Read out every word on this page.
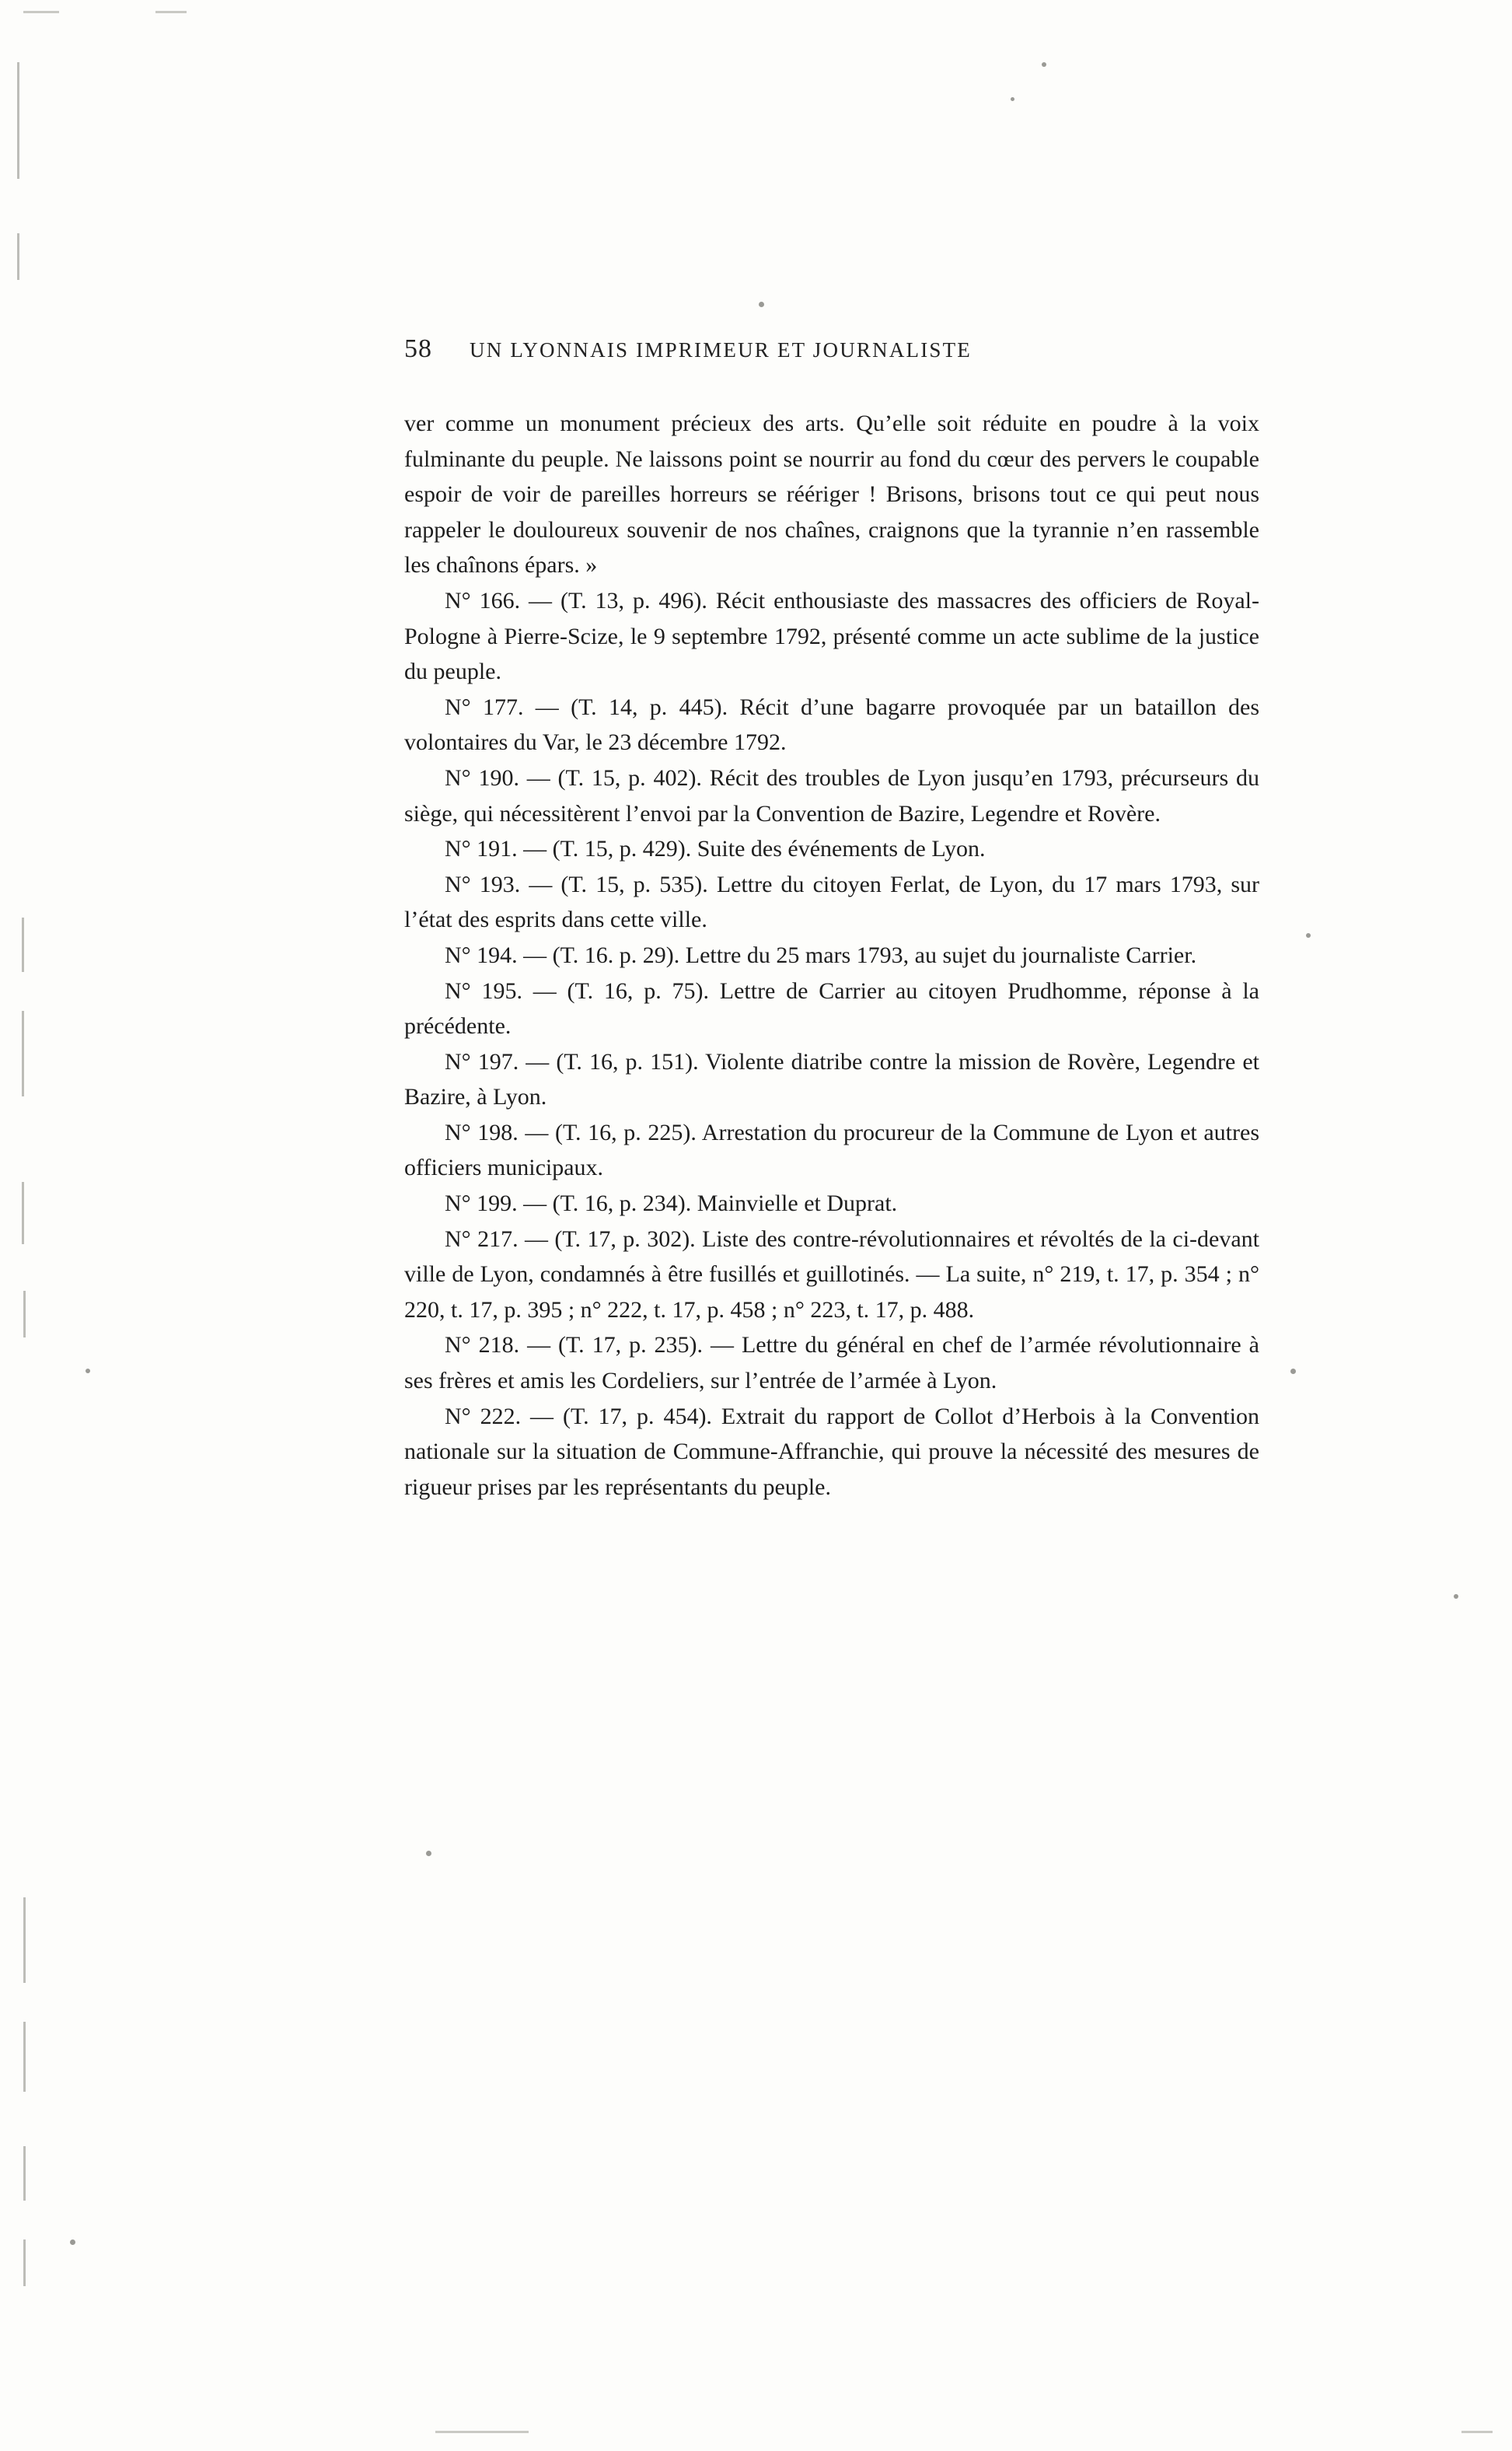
58 UN LYONNAIS IMPRIMEUR ET JOURNALISTE

ver comme un monument précieux des arts. Qu’elle soit réduite en poudre à la voix fulminante du peuple. Ne laissons point se nourrir au fond du cœur des pervers le coupable espoir de voir de pareilles horreurs se réériger ! Brisons, brisons tout ce qui peut nous rappeler le douloureux souvenir de nos chaînes, craignons que la tyrannie n’en rassemble les chaînons épars. »

N° 166. — (T. 13, p. 496). Récit enthousiaste des massacres des officiers de Royal-Pologne à Pierre-Scize, le 9 septembre 1792, présenté comme un acte sublime de la justice du peuple.

N° 177. — (T. 14, p. 445). Récit d’une bagarre provoquée par un bataillon des volontaires du Var, le 23 décembre 1792.

N° 190. — (T. 15, p. 402). Récit des troubles de Lyon jusqu’en 1793, précurseurs du siège, qui nécessitèrent l’envoi par la Convention de Bazire, Legendre et Rovère.

N° 191. — (T. 15, p. 429). Suite des événements de Lyon.

N° 193. — (T. 15, p. 535). Lettre du citoyen Ferlat, de Lyon, du 17 mars 1793, sur l’état des esprits dans cette ville.

N° 194. — (T. 16. p. 29). Lettre du 25 mars 1793, au sujet du journaliste Carrier.

N° 195. — (T. 16, p. 75). Lettre de Carrier au citoyen Prudhomme, réponse à la précédente.

N° 197. — (T. 16, p. 151). Violente diatribe contre la mission de Rovère, Legendre et Bazire, à Lyon.

N° 198. — (T. 16, p. 225). Arrestation du procureur de la Commune de Lyon et autres officiers municipaux.

N° 199. — (T. 16, p. 234). Mainvielle et Duprat.

N° 217. — (T. 17, p. 302). Liste des contre-révolutionnaires et révoltés de la ci-devant ville de Lyon, condamnés à être fusillés et guillotinés. — La suite, n° 219, t. 17, p. 354 ; n° 220, t. 17, p. 395 ; n° 222, t. 17, p. 458 ; n° 223, t. 17, p. 488.

N° 218. — (T. 17, p. 235). — Lettre du général en chef de l’armée révolutionnaire à ses frères et amis les Cordeliers, sur l’entrée de l’armée à Lyon.

N° 222. — (T. 17, p. 454). Extrait du rapport de Collot d’Herbois à la Convention nationale sur la situation de Commune-Affranchie, qui prouve la nécessité des mesures de rigueur prises par les représentants du peuple.
